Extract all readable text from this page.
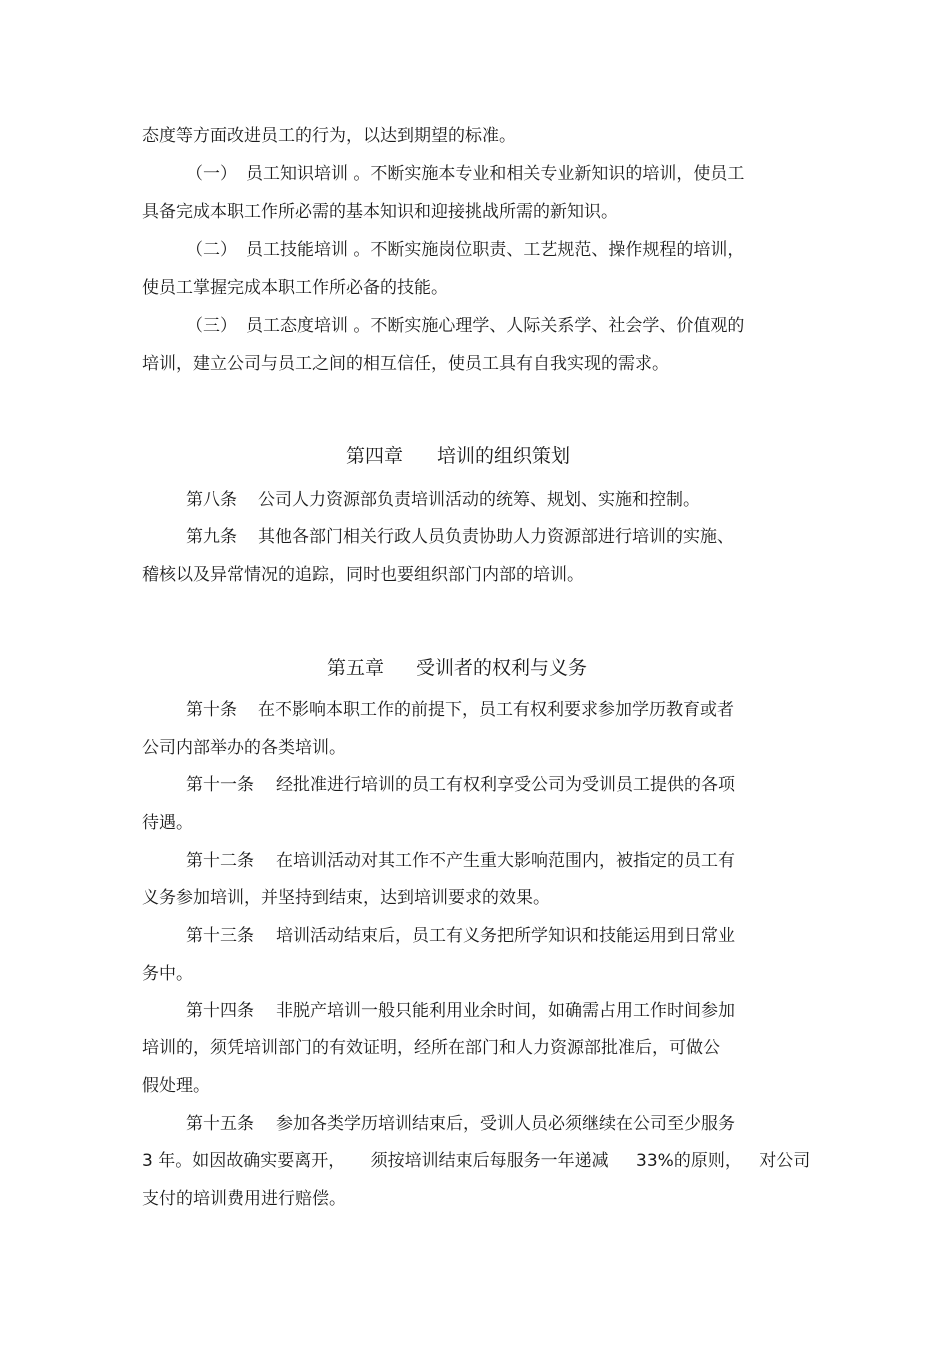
态度等方面改进员工的行为，以达到期望的标准。
（一） 员工知识培训 。不断实施本专业和相关专业新知识的培训，使员工
具备完成本职工作所必需的基本知识和迎接挑战所需的新知识。
（二） 员工技能培训 。不断实施岗位职责、工艺规范、操作规程的培训，
使员工掌握完成本职工作所必备的技能。
（三） 员工态度培训 。不断实施心理学、人际关系学、社会学、价值观的
培训，建立公司与员工之间的相互信任，使员工具有自我实现的需求。
第四章 培训的组织策划
第八条 公司人力资源部负责培训活动的统筹、规划、实施和控制。
第九条 其他各部门相关行政人员负责协助人力资源部进行培训的实施、
稽核以及异常情况的追踪，同时也要组织部门内部的培训。
第五章 受训者的权利与义务
第十条 在不影响本职工作的前提下，员工有权利要求参加学历教育或者
公司内部举办的各类培训。
第十一条 经批准进行培训的员工有权利享受公司为受训员工提供的各项
待遇。
第十二条 在培训活动对其工作不产生重大影响范围内，被指定的员工有
义务参加培训，并坚持到结束，达到培训要求的效果。
第十三条 培训活动结束后，员工有义务把所学知识和技能运用到日常业
务中。
第十四条 非脱产培训一般只能利用业余时间，如确需占用工作时间参加
培训的，须凭培训部门的有效证明，经所在部门和人力资源部批准后，可做公
假处理。
第十五条 参加各类学历培训结束后，受训人员必须继续在公司至少服务
3 年。如因故确实要离开， 须按培训结束后每服务一年递减 33%的原则， 对公司
支付的培训费用进行赔偿。
